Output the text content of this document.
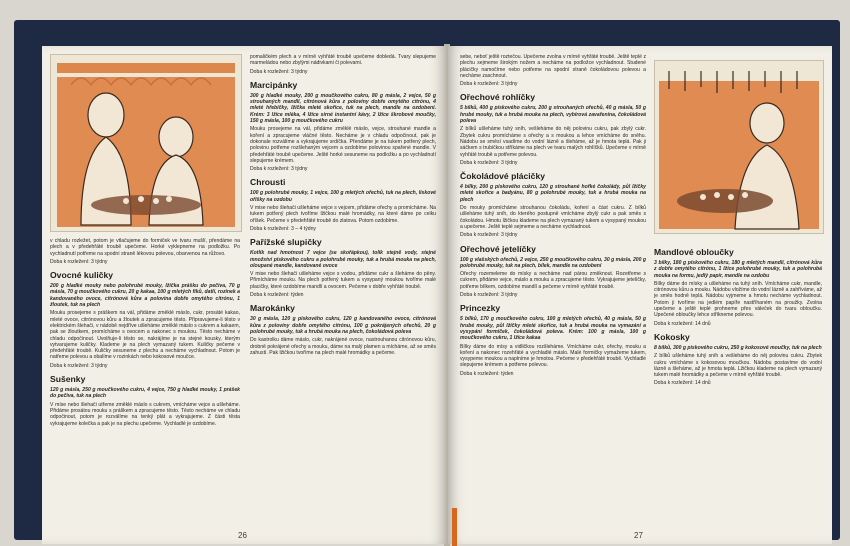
v chladu rozležet, potom je vtlačujeme do formiček ve tvaru mušlí, přendáme na plech a v předehřáté troubě upečeme. Horké vyklepneme na podložku. Po vychladnutí potřeme na spodní straně lékovou polevou, obarvenou na růžovo.

Doba k rozležení: 3 týdny

Ovocné kuličky

200 g hladké mouky nebo polohrubé mouky, lžička prášku do pečiva, 70 g másla, 70 g moučkového cukru, 20 g kakaa, 100 g mletých fíků, datlí, rozinek a kandovaného ovoce, citrónová kůra a polovina dobře omytého citrónu, 1 žloutek, tuk na plech

Mouku prosejeme s práškem na vál, přidáme změklé máslo, cukr, prosáté kakao, mleté ovoce, citrónovou kůru a žloutek a zpracujeme těsto. Připravujeme-li těsto v elektrickém šlehači, v nádobě nejdříve ušleháme změklé máslo s cukrem a kakaem, pak se žloutkem, promícháme s ovocem a nakonec s moukou. Těsto necháme v chladu odpočinout. Uvolňuje-li těsto se, nakrájíme je na stejné kousky, kterým vytvarujeme kuličky. Klademe je na plech vymazaný tukem. Kuličky pečeme v předehřáté troubě. Kuličky sesuneme z plechu a necháme vychladnout. Potom je natřeme polevou a obalíme v rozinkách nebo kokosové moučce.

Doba k rozležení: 3 týdny

Sušenky

120 g másla, 250 g moučkového cukru, 4 vejce, 750 g hladké mouky, 1 prášek do pečiva, tuk na plech

V míse nebo šlehači utřeme změklé máslo s cukrem, vmícháme vejce a ušleháme. Přidáme prosátou mouku s práškem a zpracujeme těsto. Těsto necháme ve chladu odpočinout, potom je rozválíme na tenký plát a vykrajujeme. Z části těsta vykrajujeme kolečka a pak je na plechu upečeme. Vychladlé je ozdobíme.

pomaličkém plech a v mírně vyhřáté troubě upečeme dobledá. Tvary slepujeme marmeládou nebo zbylými nádivkami či polevami.

Doba k rozležení: 3 týdny

Marcipánky

300 g hladké mouky, 200 g moučkového cukru, 80 g másla, 2 vejce, 50 g strouhaných mandlí, citrónová kůra z poloviny dobře omytého citrónu, 4 mleté hřebíčky, lžička mleté skořice, tuk na plech, mandle na ozdobení. Krém: 3 lžíce mléka, 4 lžíce sirné instantní kávy, 2 lžíce škrobové moučky, 150 g másla, 100 g moučkového cukru

Mouku prosejeme na vál, přidáme změklé máslo, vejce, strouhané mandle a koření a zpracujeme vláčné těsto. Necháme je v chladu odpočinout, pak je dokonale rozválíme a vykrajujeme srdíčka. Přendáme je na tukem potřený plech, polovinu potřeme rozšlehaným vejcem a ozdobíme polovinou spařené mandle. V předehřáté troubě upečeme. Ještě horké sesuneme na podložku a po vychladnutí slepujeme krémem.

Doba k rozležení: 3 týdny

Chrousti

100 g polohrubé mouky, 1 vejce, 100 g mletých ořechů, tuk na plech, lískové oříšky na ozdobu

V mise nebo šlehači ušleháme vejce s vejcem, přidáme ořechy a promícháme. Na tukem potřený plech tvoříme lžičkou malé hromádky, na které dáme po celku oříšek. Pečeme v předehřáté troubě do zlatova. Potom ozdobíme.

Doba k rozležení: 3 – 4 týdny

Pařížské slupičky

Kotlík nad hmotnost 7 vejce (se skořápkou), tolik stejně vody, stejné množství pískového cukru a polohrubé mouky, tuk a hrubá mouka na plech, oloupané mandle, kandované ovoce

V mise nebo šlehači ušleháme vejce s vodou, přidáme cukr a šleháme do pěny. Přimícháme mouku. Na plech potřený tukem a vysypaný moukou tvoříme malé placičky, které ozdobíme mandlí a ovocem. Pečeme v dobře vyhřáté troubě.

Doba k rozležení: týden

Marokánky

30 g másla, 120 g pískového cukru, 120 g kandovaného ovoce, citrónová kůra z poloviny dobře omytého citrónu, 100 g pokrájených ořechů, 20 g polohrubé mouky, tuk a hrubá mouka na plech, čokoládová poleva

Do kastrolku dáme máslo, cukr, nakrájené ovoce, nastrouhanou citrónovou kůru, drobně pokrájené ořechy a mouku, dáme na malý plamen a mícháme, až se směs zahustí. Pak lžičkou tvoříme na plech malé hromádky a pečeme.

26

sebe, neboť ještě roztečou. Upečeme zvolna v mírně vyhřáté troubě. Ještě teplé z plechu sejmeme širokým nožem a necháme na podložce vychladnout. Studené plácičky namočíme nebo potřeme na spodní straně čokoládovou polevou a necháme zaschnout.

Doba k rozležení: 3 týdny

Ořechové rohlíčky

5 bílků, 400 g pískového cukru, 200 g strouhaných ořechů, 40 g másla, 50 g hrubé mouky, tuk a hrubá mouka na plech, vybírová zavařenina, čokoládová poleva

Z bílků ušleháme tuhý sníh, vešleháme do něj polovinu cukru, pak zbylý cukr. Zbytek cukru promícháme s ořechy a s moukou a lehce vmícháme do sněhu. Nádobu se směsí vsadíme do vodní lázně a šleháme, až je hmota teplá. Pak ji sáčkem s trubičkou stříkáme na plech ve tvaru malých rohlíčků. Upečeme v mírně vyhřáté troubě a potřeme polevou.

Doba k rozležení: 3 týdny

Čokoládové plácičky

4 bílky, 200 g pískového cukru, 120 g strouhané hořké čokolády, půl lžičky mleté skořice a badyánu, 80 g polohrubé mouky, tuk a hrubá mouka na plech

Do mouky promícháme strouhanou čokoládu, koření a část cukru. Z bílků ušleháme tuhý sníh, do kterého postupně vmícháme zbylý cukr a pak směs s čokoládou. Hmotu lžičkou klademe na plech vymazaný tukem a vysypaný moukou a upečeme. Ještě teplé sejmeme a necháme vychladnout.

Doba k rozležení: 3 týdny

Ořechové jetelíčky

100 g vlašských ořechů, 2 vejce, 250 g moučkového cukru, 30 g másla, 200 g polohrubé mouky, tuk na plech, bílek, mandle na ozdobení

Ořechy rozemeleme do mísky a necháme nad párou změknout. Rozetřeme s cukrem, přidáme vejce, máslo a mouku a zpracujeme těsto. Vykrajujeme jetelíčky, potřeme bílkem, ozdobíme mandlí a pečeme v mírně vyhřáté troubě.

Doba k rozležení: 3 týdny

Princezky

5 bílků, 170 g moučkového cukru, 100 g mletých ořechů, 40 g másla, 50 g hrubé mouky, půl lžičky mleté skořice, tuk a hrubá mouka na vymazání a vysypání formiček, čokoládová poleva. Krém: 100 g másla, 100 g moučkového cukru, 1 lžíce kakaa

Bílky dáme do mísy a vidličkou rozšleháme. Vmícháme cukr, ořechy, mouku a koření a nakonec rozehřáté a vychladlé máslo. Malé formičky vymažeme tukem, vysypeme moukou a naplníme je hmotou. Pečeme v předehřáté troubě. Vychladlé slepujeme krémem a potřeme polevou.

Doba k rozležení: týden

Mandlové obloučky

3 bílky, 180 g pískového cukru, 180 g mletých mandlí, citrónová kůra z dobře omytého citrónu, 1 lžíce polohrubé mouky, tuk a polohrubá mouka na formu, jedlý papír, mandle na ozdobu

Bílky dáme do mísky a ušleháme na tuhý sníh. Vmícháme cukr, mandle, citrónovou kůru a mouku. Nádobu vložíme do vodní lázně a zahříváme, až je směs hodně teplá. Nádobu vyjmeme a hmotu necháme vychladnout. Potom ji tvoříme na jedlém papíře nastříhaném na proužky. Zvolna upečeme a ještě teplé prohneme přes váleček do tvaru obloučku. Upečené obloučky lehce stříkneme polevou.

Doba k rozležení: 14 dnů

Kokosky

8 bílků, 300 g pískového cukru, 250 g kokosové moučky, tuk na plech

Z bílků ušleháme tuhý sníh a vešleháme do něj polovinu cukru. Zbytek cukru vmícháme s kokosovou moučkou. Nádobu postavíme do vodní lázně a šleháme, až je hmota teplá. Lžičkou klademe na plech vymazaný tukem malé hromádky a pečeme v mírně vyhřáté troubě.

Doba k rozležení: 14 dnů

27
